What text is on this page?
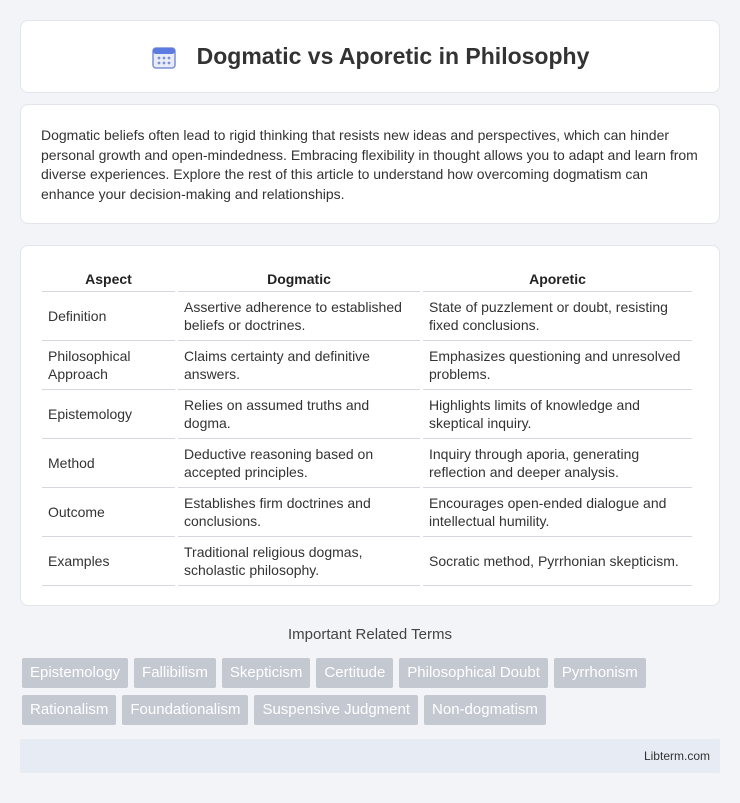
Dogmatic vs Aporetic in Philosophy

Dogmatic beliefs often lead to rigid thinking that resists new ideas and perspectives, which can hinder personal growth and open-mindedness. Embracing flexibility in thought allows you to adapt and learn from diverse experiences. Explore the rest of this article to understand how overcoming dogmatism can enhance your decision-making and relationships.

Aspect	Dogmatic	Aporetic
Definition	Assertive adherence to established beliefs or doctrines.	State of puzzlement or doubt, resisting fixed conclusions.
Philosophical Approach	Claims certainty and definitive answers.	Emphasizes questioning and unresolved problems.
Epistemology	Relies on assumed truths and dogma.	Highlights limits of knowledge and skeptical inquiry.
Method	Deductive reasoning based on accepted principles.	Inquiry through aporia, generating reflection and deeper analysis.
Outcome	Establishes firm doctrines and conclusions.	Encourages open-ended dialogue and intellectual humility.
Examples	Traditional religious dogmas, scholastic philosophy.	Socratic method, Pyrrhonian skepticism.
Important Related Terms
Epistemology	Fallibilism	Skepticism	Certitude	Philosophical Doubt	Pyrrhonism
Rationalism	Foundationalism	Suspensive Judgment	Non-dogmatism
Libterm.com
